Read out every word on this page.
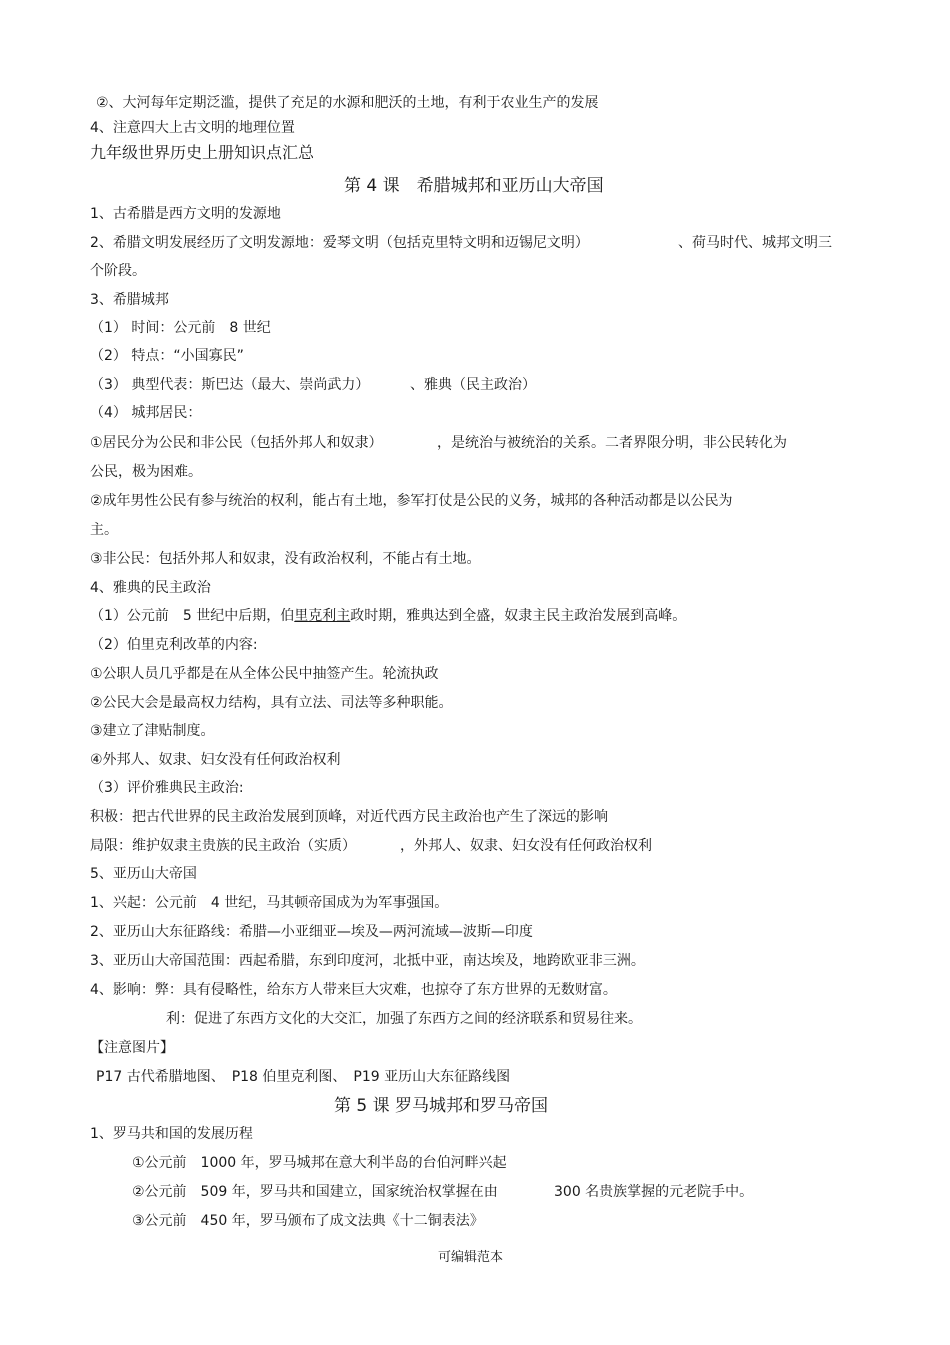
②、大河每年定期泛滥，提供了充足的水源和肥沃的土地，有利于农业生产的发展
4、注意四大上古文明的地理位置
九年级世界历史上册知识点汇总
第 4 课　希腊城邦和亚历山大帝国
1、古希腊是西方文明的发源地
2、希腊文明发展经历了文明发源地：爱琴文明（包括克里特文明和迈锡尼文明）	、荷马时代、城邦文明三
个阶段。
3、希腊城邦
（1） 时间：公元前　8 世纪
（2） 特点：“小国寡民”
（3） 典型代表：斯巴达（最大、崇尚武力）	、雅典（民主政治）
（4） 城邦居民：
①居民分为公民和非公民（包括外邦人和奴隶）	，是统治与被统治的关系。二者界限分明，非公民转化为
公民，极为困难。
②成年男性公民有参与统治的权利，能占有土地，参军打仗是公民的义务，城邦的各种活动都是以公民为
主。
③非公民：包括外邦人和奴隶，没有政治权利，不能占有土地。
4、雅典的民主政治
（1）公元前　5 世纪中后期，伯里克利主政时期，雅典达到全盛，奴隶主民主政治发展到高峰。
（2）伯里克利改革的内容:
①公职人员几乎都是在从全体公民中抽签产生。轮流执政
②公民大会是最高权力结构，具有立法、司法等多种职能。
③建立了津贴制度。
④外邦人、奴隶、妇女没有任何政治权利
（3）评价雅典民主政治:
积极：把古代世界的民主政治发展到顶峰，对近代西方民主政治也产生了深远的影响
局限：维护奴隶主贵族的民主政治（实质）	，外邦人、奴隶、妇女没有任何政治权利
5、亚历山大帝国
1、兴起：公元前　4 世纪，马其顿帝国成为为军事强国。
2、亚历山大东征路线：希腊—小亚细亚—埃及—两河流域—波斯—印度
3、亚历山大帝国范围：西起希腊，东到印度河，北抵中亚，南达埃及，地跨欧亚非三洲。
4、影响：弊：具有侵略性，给东方人带来巨大灾难，也掠夺了东方世界的无数财富。
利：促进了东西方文化的大交汇，加强了东西方之间的经济联系和贸易往来。
【注意图片】
P17 古代希腊地图、　P18 伯里克利图、　P19 亚历山大东征路线图
第 5 课 罗马城邦和罗马帝国
1、罗马共和国的发展历程
①公元前　1000 年，罗马城邦在意大利半岛的台伯河畔兴起
②公元前　509 年，罗马共和国建立，国家统治权掌握在由	300 名贵族掌握的元老院手中。
③公元前　450 年，罗马颁布了成文法典《十二铜表法》
可编辑范本
